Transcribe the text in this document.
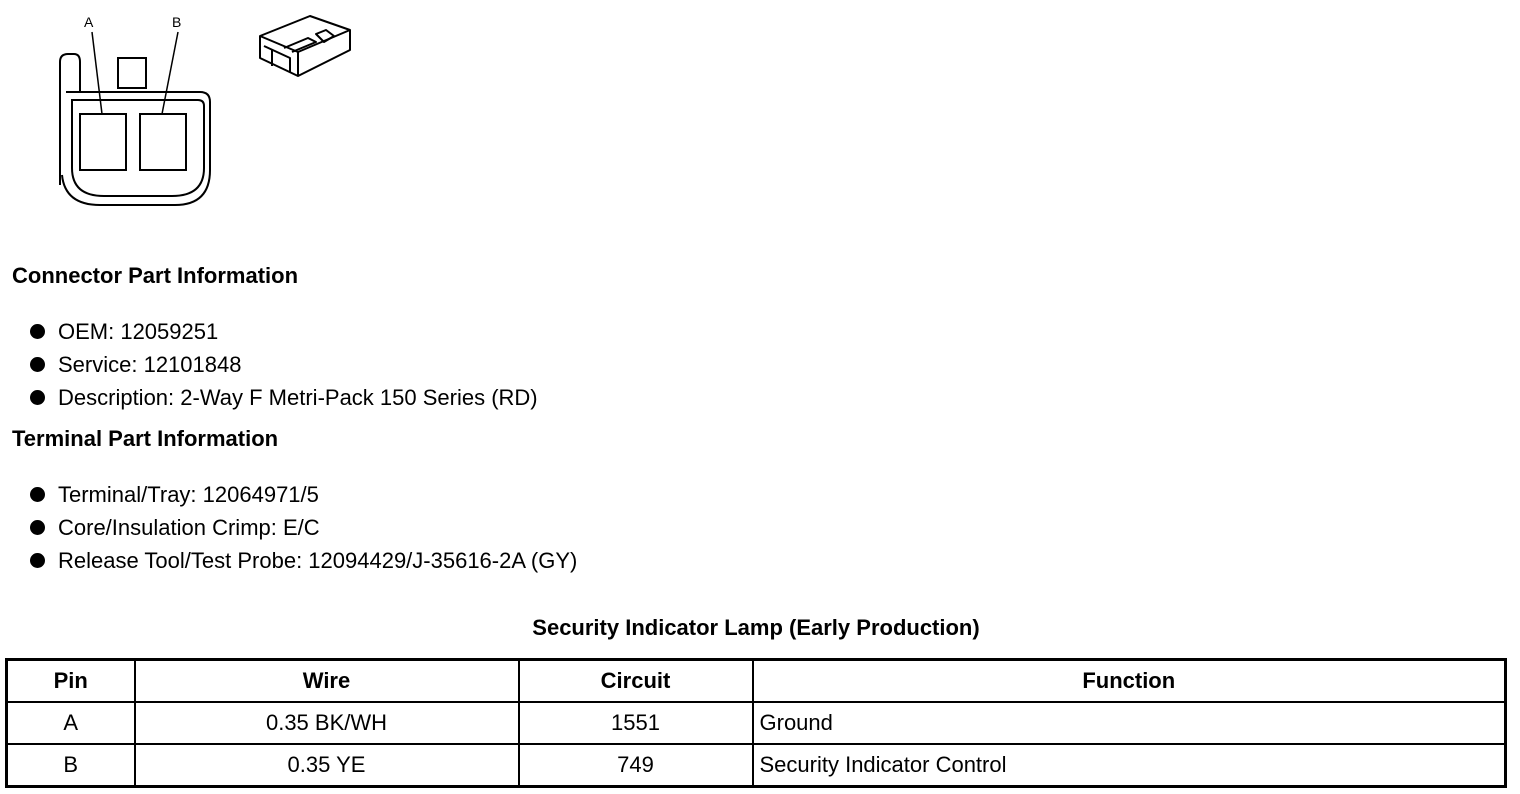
A	B
Connector Part Information
OEM: 12059251
Service: 12101848
Description: 2-Way F Metri-Pack 150 Series (RD)
Terminal Part Information
Terminal/Tray: 12064971/5
Core/Insulation Crimp: E/C
Release Tool/Test Probe: 12094429/J-35616-2A (GY)
Security Indicator Lamp (Early Production)
Pin	Wire	Circuit	Function
A	0.35 BK/WH	1551	Ground
B	0.35 YE	749	Security Indicator Control
